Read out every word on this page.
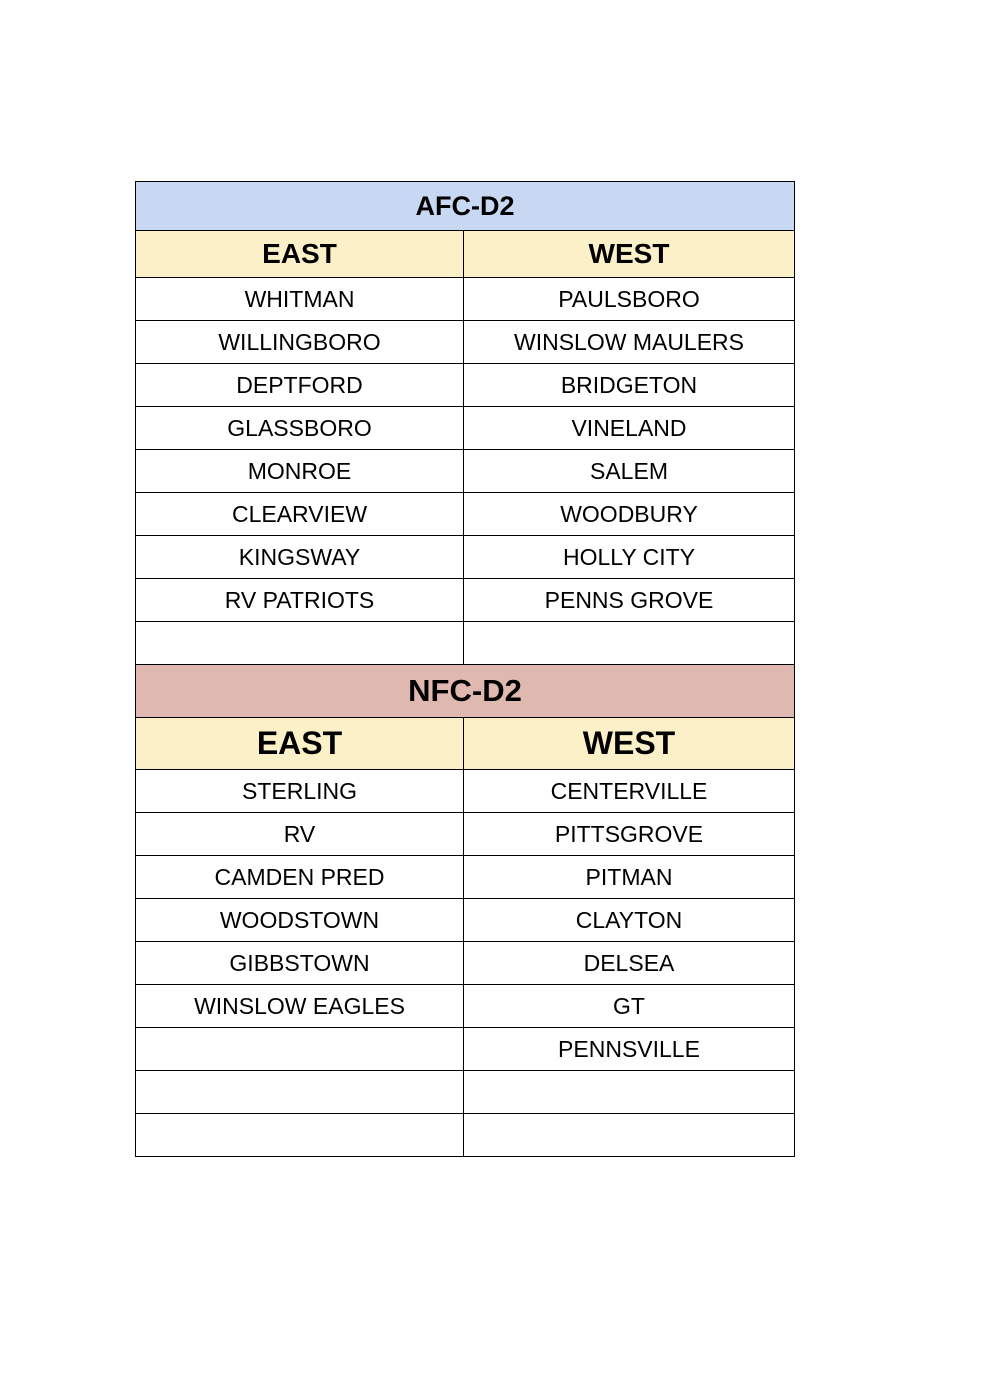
AFC-D2	
EAST	WEST
WHITMAN	PAULSBORO
WILLINGBORO	WINSLOW MAULERS
DEPTFORD	BRIDGETON
GLASSBORO	VINELAND
MONROE	SALEM
CLEARVIEW	WOODBURY
KINGSWAY	HOLLY CITY
RV PATRIOTS	PENNS GROVE

NFC-D2	
EAST	WEST
STERLING	CENTERVILLE
RV	PITTSGROVE
CAMDEN PRED	PITMAN
WOODSTOWN	CLAYTON
GIBBSTOWN	DELSEA
WINSLOW EAGLES	GT
	PENNSVILLE
